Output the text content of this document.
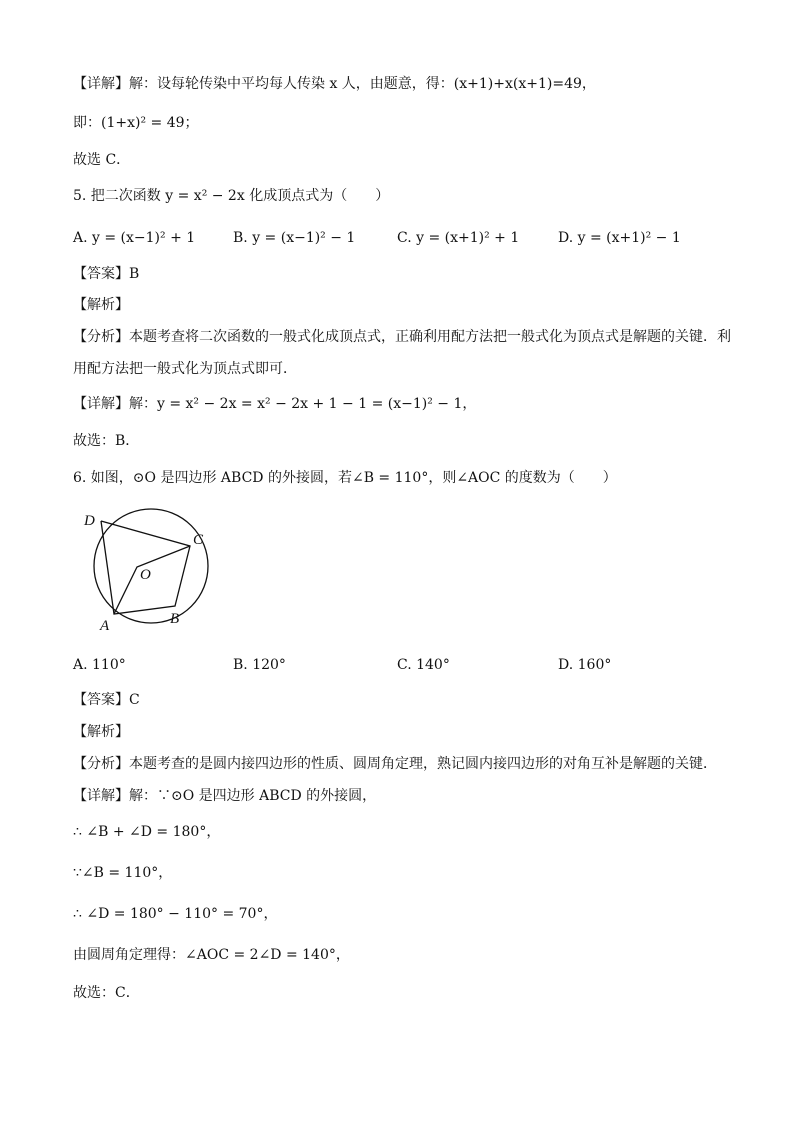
【详解】解：设每轮传染中平均每人传染 x 人，由题意，得：(x+1)+x(x+1)=49，
即：(1+x)² = 49；
故选 C．
5. 把二次函数 y = x² − 2x 化成顶点式为（　　）
A. y = (x−1)² + 1	B. y = (x−1)² − 1	C. y = (x+1)² + 1	D. y = (x+1)² − 1
【答案】B
【解析】
【分析】本题考查将二次函数的一般式化成顶点式，正确利用配方法把一般式化为顶点式是解题的关键．利
用配方法把一般式化为顶点式即可．
【详解】解：y = x² − 2x = x² − 2x + 1 − 1 = (x−1)² − 1，
故选：B．
6. 如图，⊙O 是四边形 ABCD 的外接圆，若∠B = 110°，则∠AOC 的度数为（　　）
D
C
O
A	B
A. 110°	B. 120°	C. 140°	D. 160°
【答案】C
【解析】
【分析】本题考查的是圆内接四边形的性质、圆周角定理，熟记圆内接四边形的对角互补是解题的关键．
【详解】解：∵⊙O 是四边形 ABCD 的外接圆，
∴ ∠B + ∠D = 180°，
∵∠B = 110°，
∴ ∠D = 180° − 110° = 70°，
由圆周角定理得：∠AOC = 2∠D = 140°，
故选：C．
